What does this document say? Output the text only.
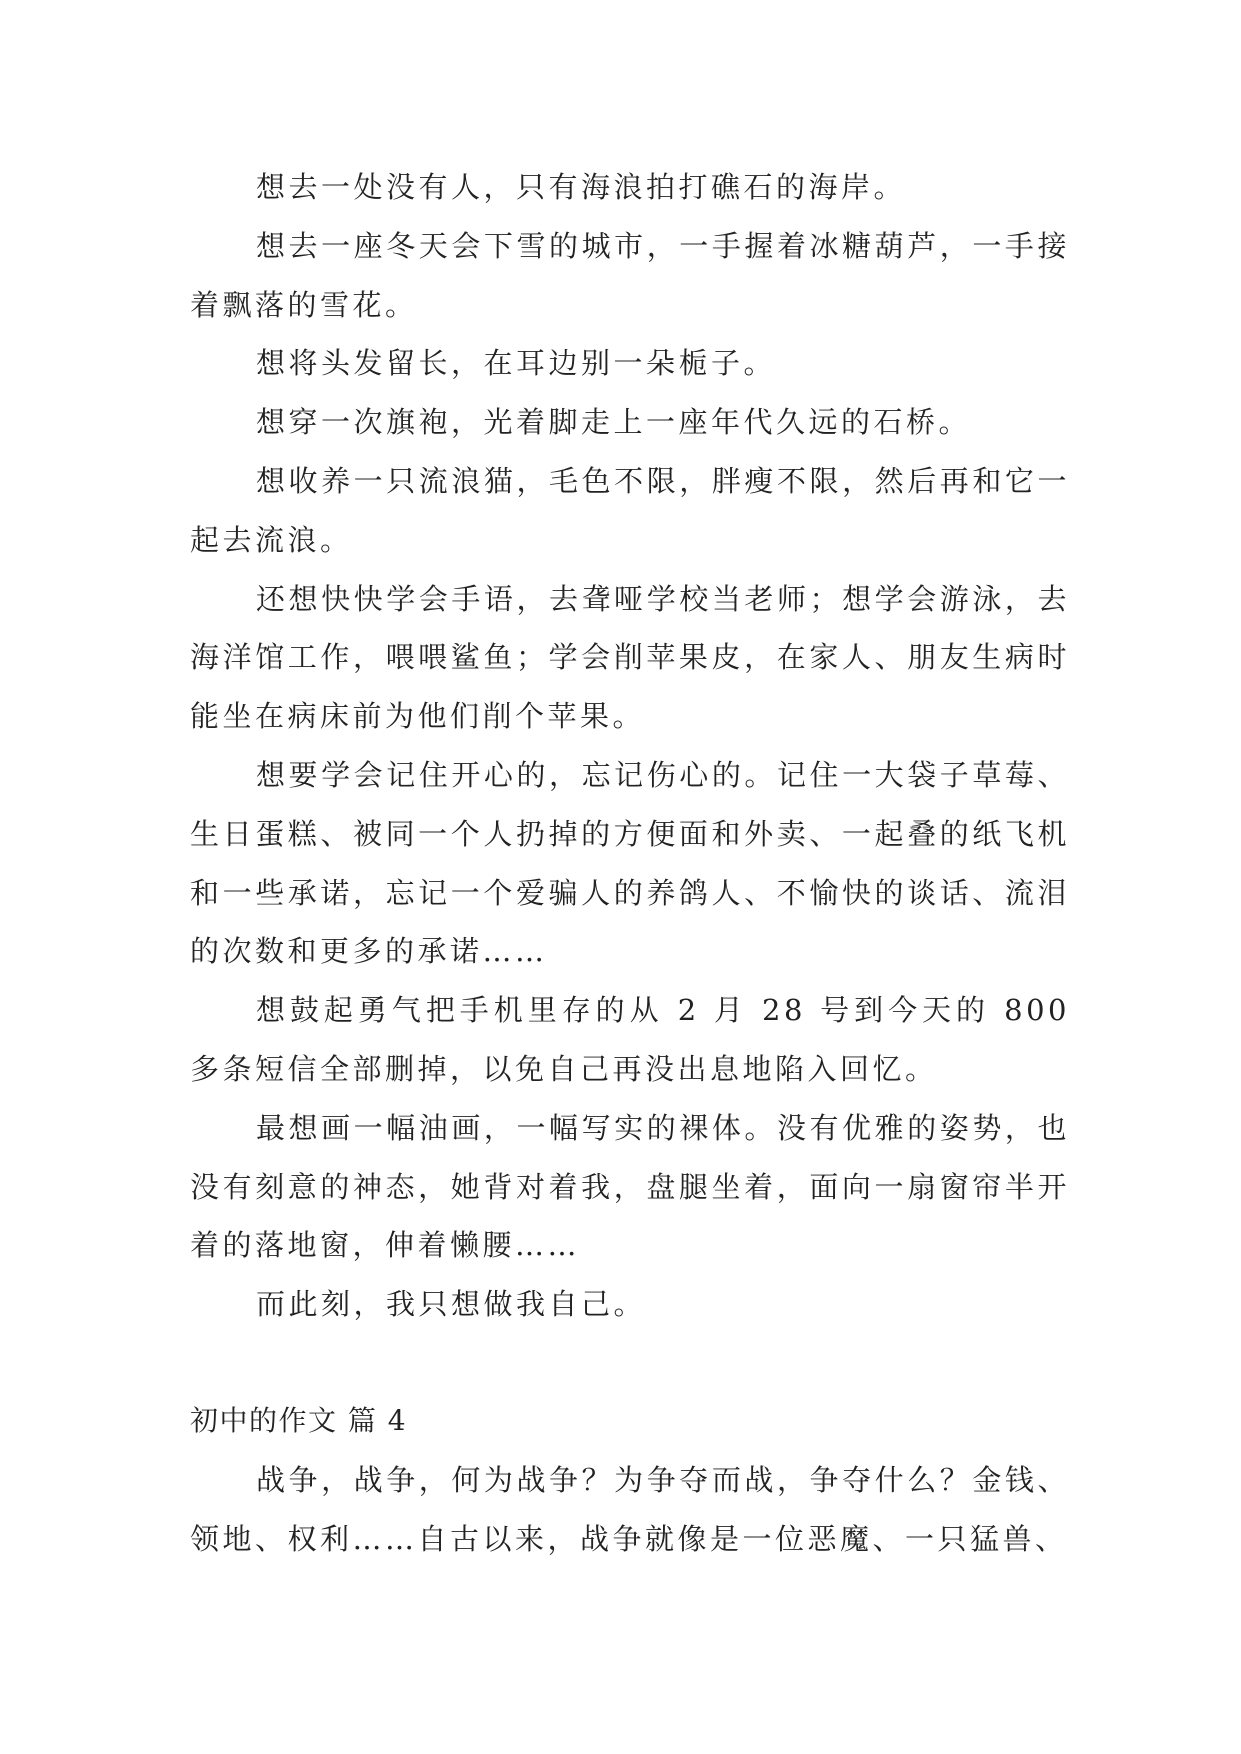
想去一处没有人，只有海浪拍打礁石的海岸。

想去一座冬天会下雪的城市，一手握着冰糖葫芦，一手接着飘落的雪花。

想将头发留长，在耳边别一朵栀子。

想穿一次旗袍，光着脚走上一座年代久远的石桥。

想收养一只流浪猫，毛色不限，胖瘦不限，然后再和它一起去流浪。

还想快快学会手语，去聋哑学校当老师；想学会游泳，去海洋馆工作，喂喂鲨鱼；学会削苹果皮，在家人、朋友生病时能坐在病床前为他们削个苹果。

想要学会记住开心的，忘记伤心的。记住一大袋子草莓、生日蛋糕、被同一个人扔掉的方便面和外卖、一起叠的纸飞机和一些承诺，忘记一个爱骗人的养鸽人、不愉快的谈话、流泪的次数和更多的承诺……

想鼓起勇气把手机里存的从 2 月 28 号到今天的 800 多条短信全部删掉，以免自己再没出息地陷入回忆。

最想画一幅油画，一幅写实的裸体。没有优雅的姿势，也没有刻意的神态，她背对着我，盘腿坐着，面向一扇窗帘半开着的落地窗，伸着懒腰……

而此刻，我只想做我自己。

初中的作文 篇 4

战争，战争，何为战争？为争夺而战，争夺什么？金钱、领地、权利……自古以来，战争就像是一位恶魔、一只猛兽、
